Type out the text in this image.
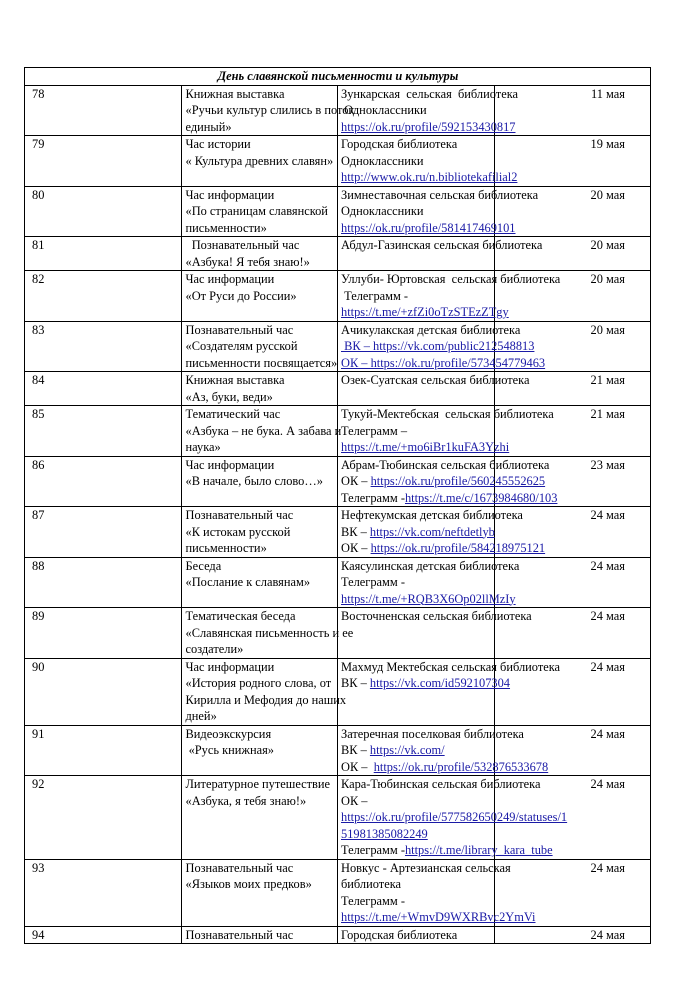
День славянской письменности и культуры			
78	Книжная выставка
«Ручьи культур слились в поток
единый»	Зункарская  сельская  библиотека
Одноклассники
https://ok.ru/profile/592153430817	11 мая
79	Час истории
« Культура древних славян»	Городская библиотека
Одноклассники
http://www.ok.ru/n.bibliotekafilial2	19 мая
80	Час информации
«По страницам славянской
письменности»	Зимнеставочная сельская библиотека
Одноклассники
https://ok.ru/profile/581417469101	20 мая
81	Познавательный час
«Азбука! Я тебя знаю!»	Абдул-Газинская сельская библиотека	20 мая
82	Час информации
«От Руси до России»	Уллуби- Юртовская  сельская библиотека
Телеграмм -
https://t.me/+zfZi0oTzSTEzZTgy	20 мая
83	Познавательный час
«Создателям русской
письменности посвящается»	Ачикулакская детская библиотека
ВК – https://vk.com/public212548813
ОК – https://ok.ru/profile/573454779463	20 мая
84	Книжная выставка
«Аз, буки, веди»	Озек-Суатская сельская библиотека	21 мая
85	Тематический час
«Азбука – не бука. А забава и
наука»	Тукуй-Мектебская  сельская библиотека
Телеграмм –
https://t.me/+mo6iBr1kuFA3Yzhi	21 мая
86	Час информации
«В начале, было слово…»	Абрам-Тюбинская сельская библиотека
ОК – https://ok.ru/profile/560245552625
Телеграмм -https://t.me/c/1673984680/103	23 мая
87	Познавательный час
«К истокам русской
письменности»	Нефтекумская детская библиотека
ВК – https://vk.com/neftdetlyb
ОК – https://ok.ru/profile/584218975121	24 мая
88	Беседа
«Послание к славянам»	Каясулинская детская библиотека
Телеграмм -
https://t.me/+RQB3X6Op02llMzIy	24 мая
89	Тематическая беседа
«Славянская письменность и ее
создатели»	Восточненская сельская библиотека	24 мая
90	Час информации
«История родного слова, от
Кирилла и Мефодия до наших
дней»	Махмуд Мектебская сельская библиотека
ВК – https://vk.com/id592107304	24 мая
91	Видеоэкскурсия
«Русь книжная»	Затеречная поселковая библиотека
ВК – https://vk.com/
ОК –  https://ok.ru/profile/532876533678	24 мая
92	Литературное путешествие
«Азбука, я тебя знаю!»	Кара-Тюбинская сельская библиотека
ОК –
https://ok.ru/profile/577582650249/statuses/1
51981385082249
Телеграмм -https://t.me/library_kara_tube	24 мая
93	Познавательный час
«Языков моих предков»	Новкус - Артезианская сельская
библиотека
Телеграмм -
https://t.me/+WmvD9WXRBvc2YmVi	24 мая
94	Познавательный час	Городская библиотека	24 мая
